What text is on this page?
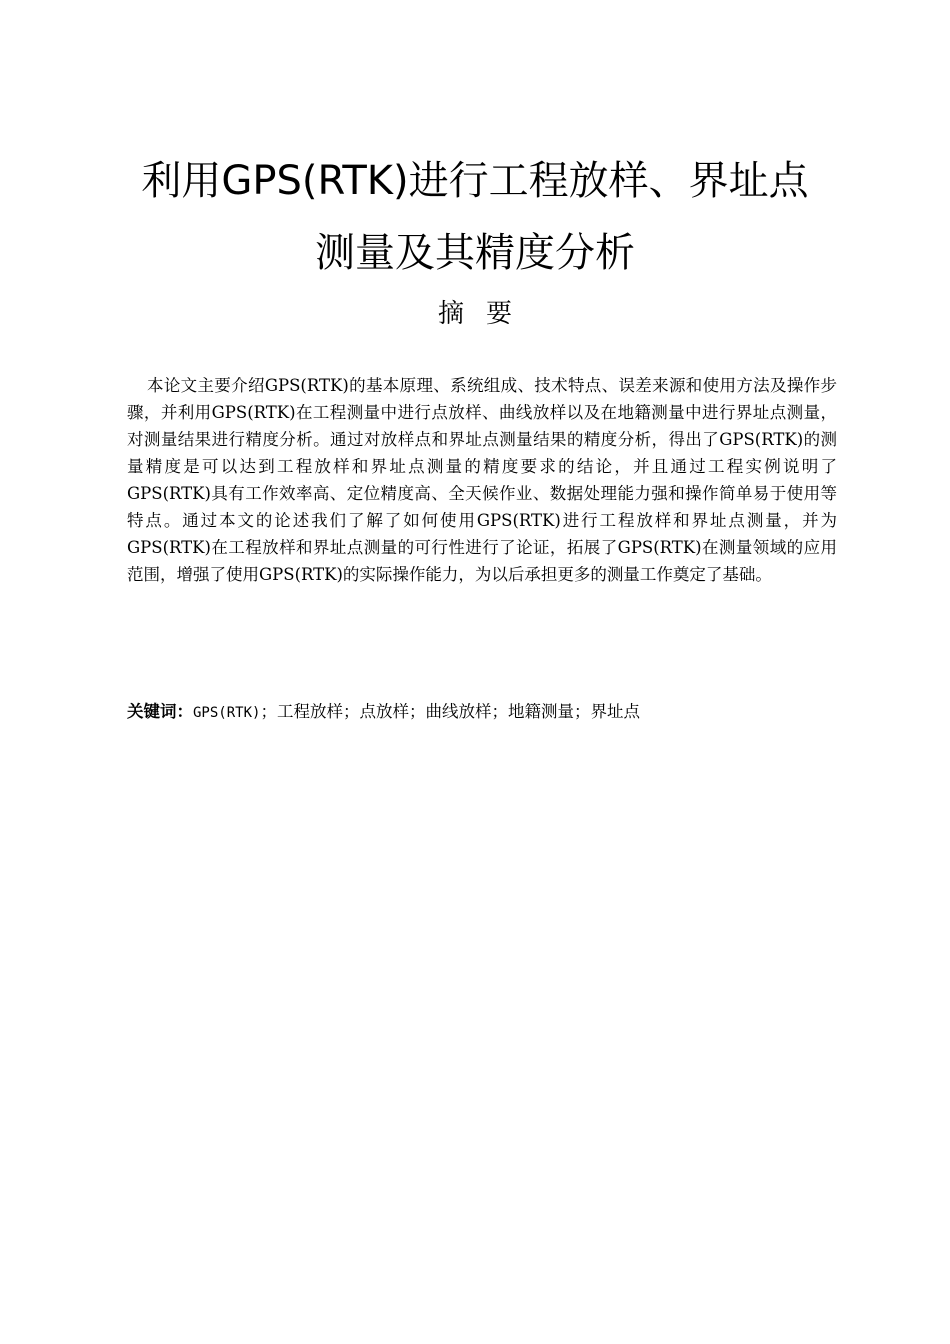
利用GPS(RTK)进行工程放样、界址点
测量及其精度分析
摘要

本论文主要介绍GPS(RTK)的基本原理、系统组成、技术特点、误差来源和使用方法及操作步骤，并利用GPS(RTK)在工程测量中进行点放样、曲线放样以及在地籍测量中进行界址点测量，对测量结果进行精度分析。通过对放样点和界址点测量结果的精度分析，得出了GPS(RTK)的测量精度是可以达到工程放样和界址点测量的精度要求的结论，并且通过工程实例说明了GPS(RTK)具有工作效率高、定位精度高、全天候作业、数据处理能力强和操作简单易于使用等特点。通过本文的论述我们了解了如何使用GPS(RTK)进行工程放样和界址点测量，并为GPS(RTK)在工程放样和界址点测量的可行性进行了论证，拓展了GPS(RTK)在测量领域的应用范围，增强了使用GPS(RTK)的实际操作能力，为以后承担更多的测量工作奠定了基础。

关键词：GPS(RTK)；工程放样；点放样；曲线放样；地籍测量；界址点
